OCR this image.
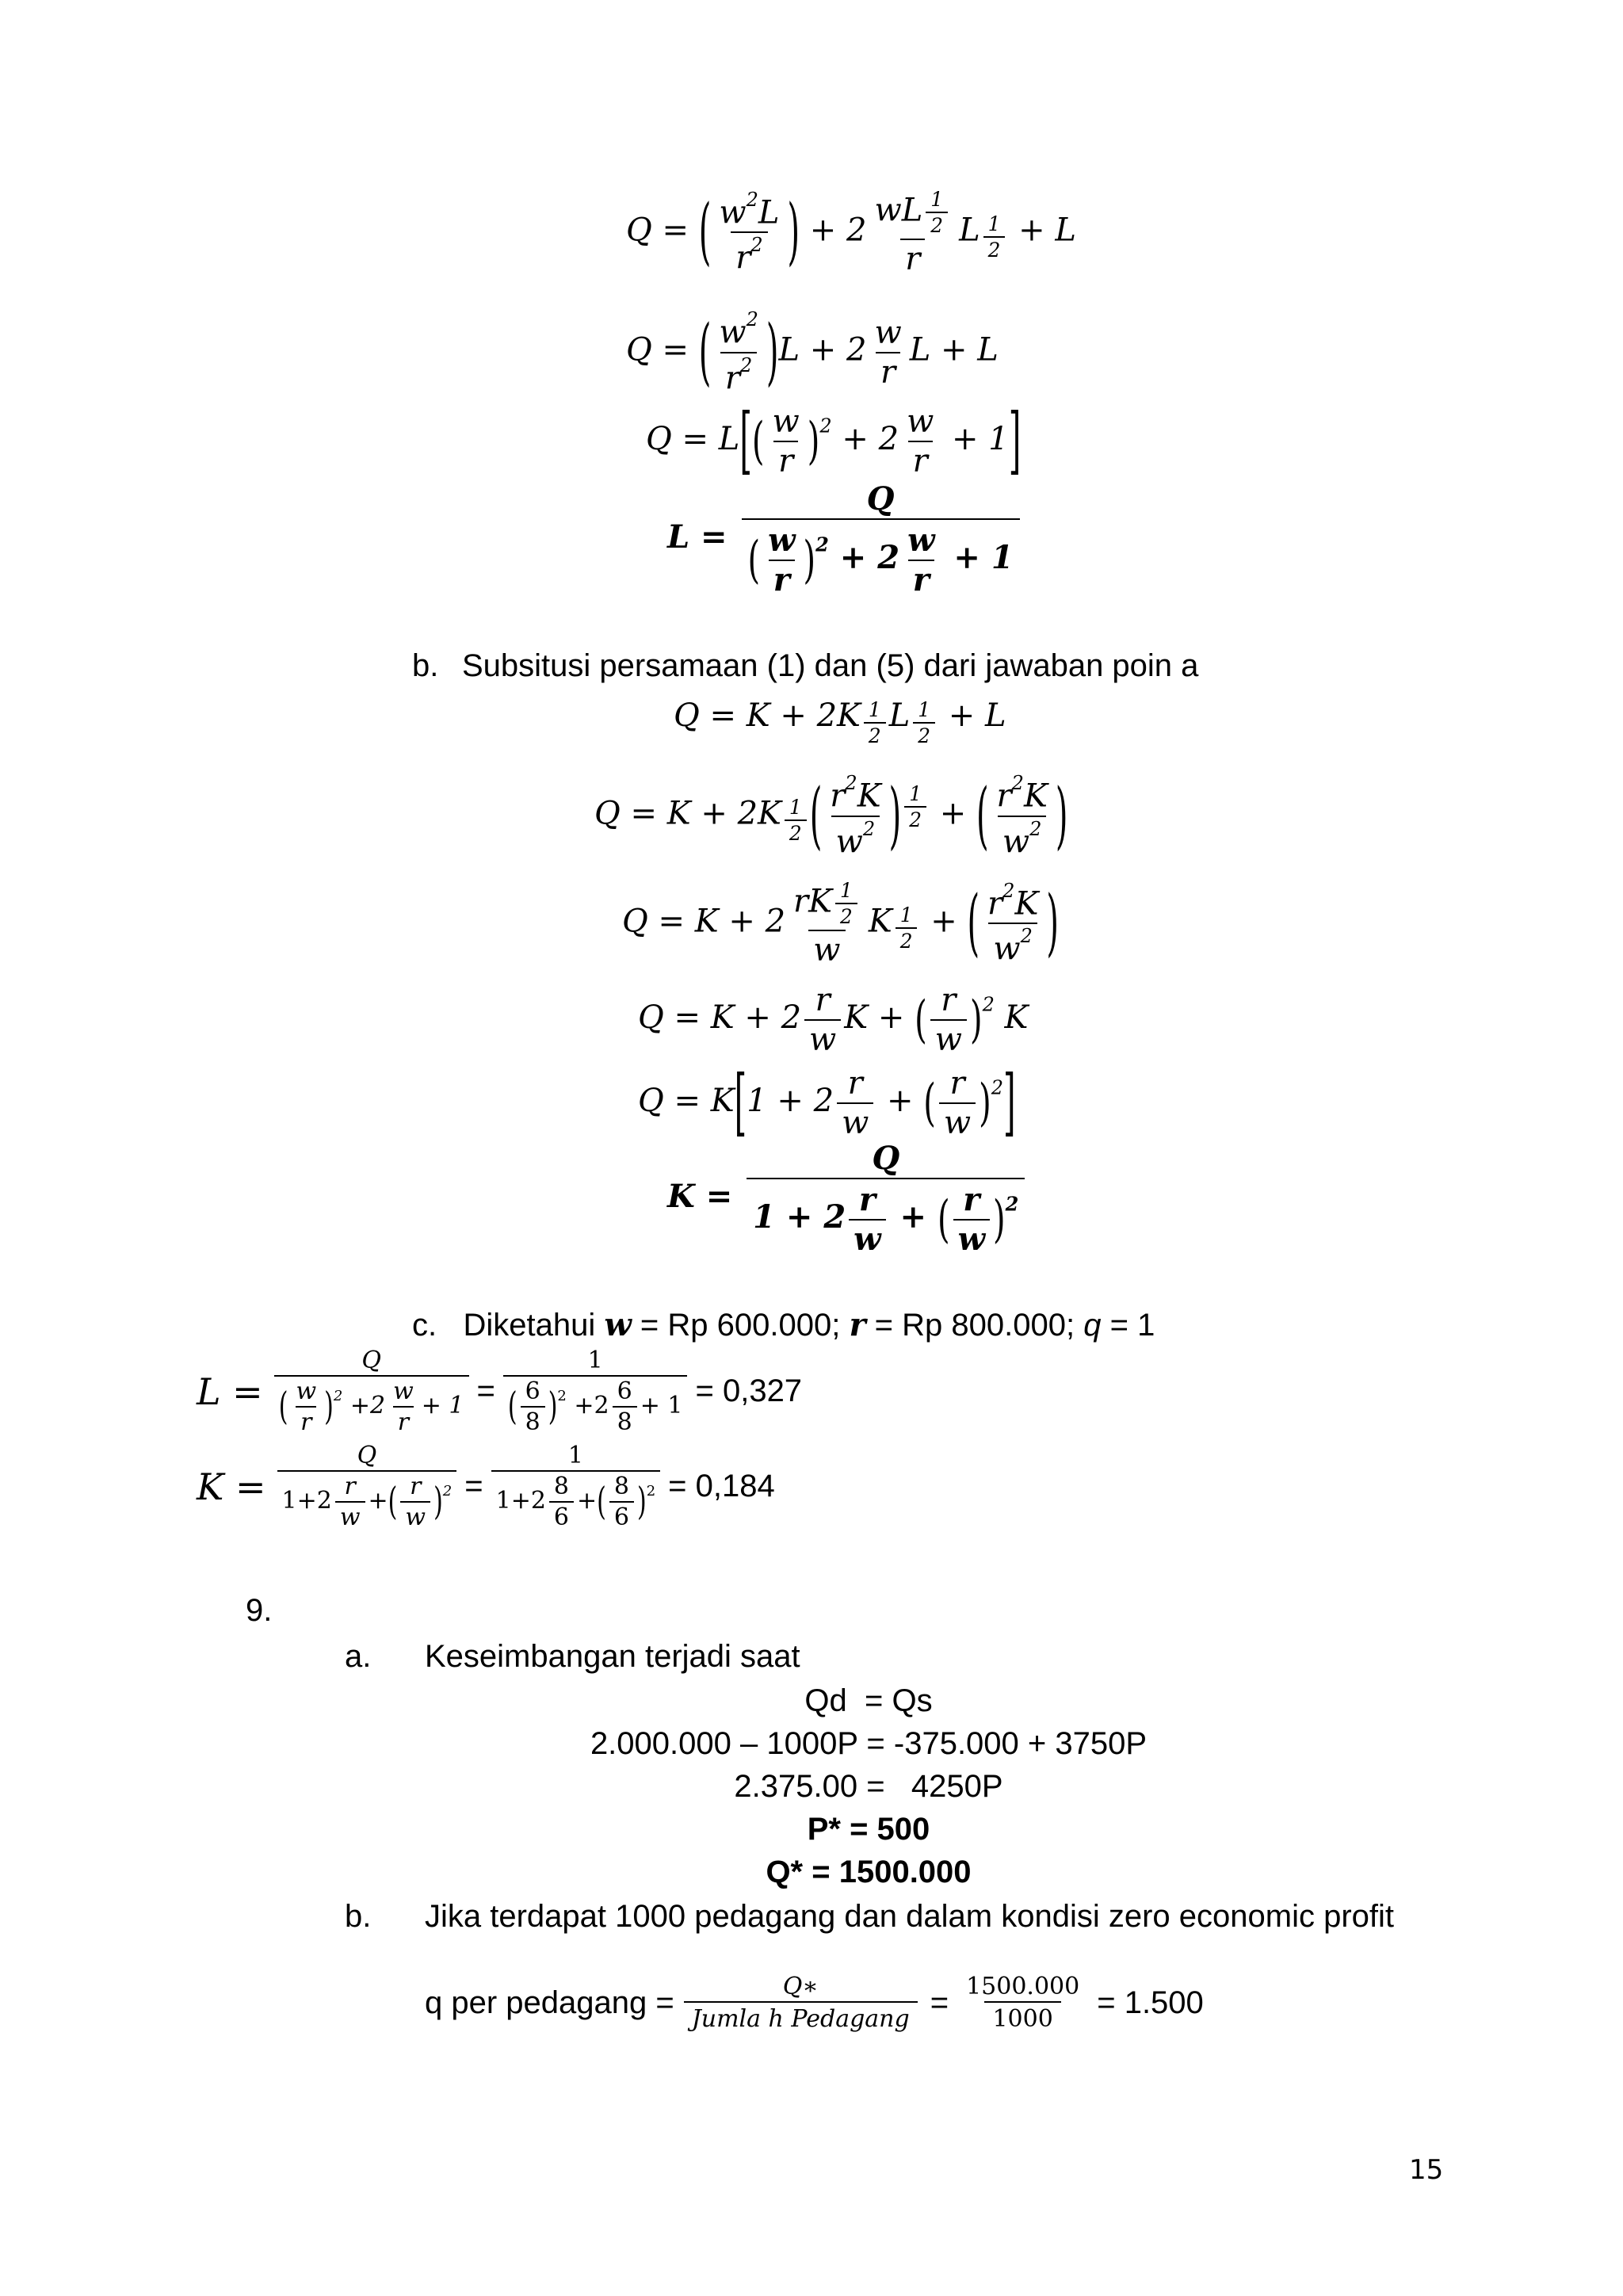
Q = ( $\frac{w^2L}{r^2}$ ) + $2 \frac{wL \frac{1}{2}}{r}$ L $\frac{1}{2} + L$
Q = ( $\frac{w^2}{r^2} )L + 2 \frac{w}{r}$ L + L
$Q = L[( \frac{w}{r} )^2 + 2 \frac{w}{r} + 1]$
$L = \frac{Q}{( \frac{w}{r} )^2 + 2 \frac{w}{r} + 1}$
b. Subsitusi persamaan (1) dan (5) dari jawaban poin a
$Q = K + 2K \frac{1}{2}$ L $\frac{1}{2} + L$
$Q = K + 2K \frac{1}{2}$ ( $\frac{r^2K}{w^2}$ ) $\frac{1}{2}$ + ( $\frac{r^2K}{w^2}$ )
$Q = K + 2 \frac{rK \frac{1}{2}}{w}$ K $\frac{1}{2}$ + ( $\frac{r^2K}{w^2}$ )
$Q = K + 2 \frac{r}{w}$ K + ( $\frac{r}{w} )^2$ K
$Q = K[1 + 2 \frac{r}{w}$ + ( $\frac{r}{w} )^2$]
$K = \frac{Q}{1 + 2 \frac{r}{w} + ( \frac{r}{w} )^2}$
c. Diketahui w = Rp 600.000; r = Rp 800.000; q = 1
$L = \frac{Q}{( \frac{w}{r} )^2 +2 \frac{w}{r} + 1} = \frac{1}{( \frac{6}{8} )^2 +2 \frac{6}{8} + 1} = 0,327$
$K = \frac{Q}{1+2 \frac{r}{w} +( \frac{r}{w} )^2} = \frac{1}{1+2 \frac{8}{6} +( \frac{8}{6} )^2} = 0,184$
9.
a. Keseimbangan terjadi saat
Qd  = Qs
2.000.000 – 1000P = -375.000 + 3750P
2.375.00 =   4250P
P* = 500
Q* = 1500.000
b. Jika terdapat 1000 pedagang dan dalam kondisi zero economic profit
q per pedagang = $\frac{Q∗}{\text{Jumla h Pedagang}} = \frac{1500.000}{1000} = 1.500$
15
